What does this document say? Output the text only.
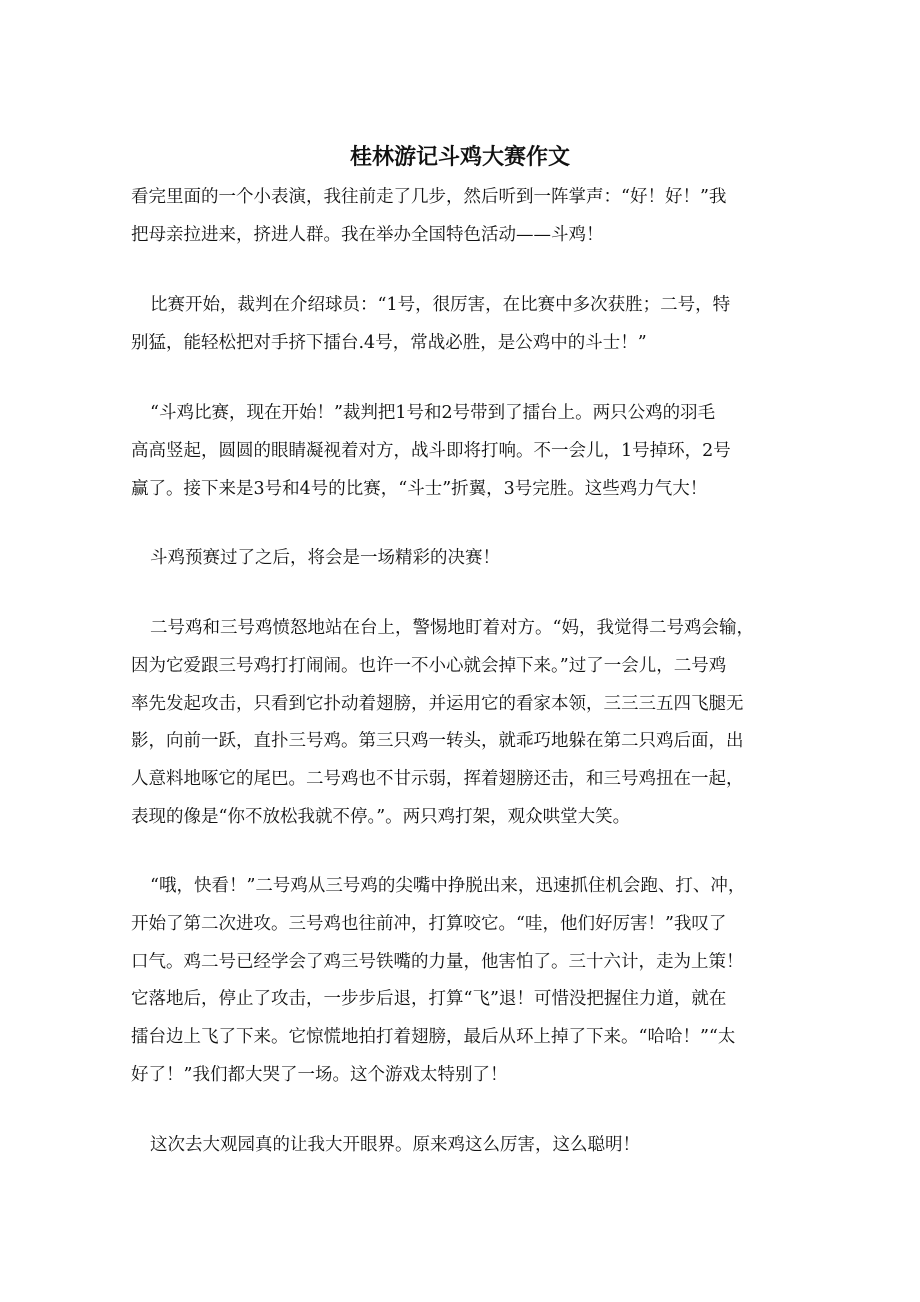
桂林游记斗鸡大赛作文
看完里面的一个小表演，我往前走了几步，然后听到一阵掌声：“好！好！”我
把母亲拉进来，挤进人群。我在举办全国特色活动——斗鸡！
比赛开始，裁判在介绍球员：“1号，很厉害，在比赛中多次获胜；二号，特
别猛，能轻松把对手挤下擂台.4号，常战必胜，是公鸡中的斗士！”
“斗鸡比赛，现在开始！”裁判把1号和2号带到了擂台上。两只公鸡的羽毛
高高竖起，圆圆的眼睛凝视着对方，战斗即将打响。不一会儿，1号掉环，2号
赢了。接下来是3号和4号的比赛，“斗士”折翼，3号完胜。这些鸡力气大！
斗鸡预赛过了之后，将会是一场精彩的决赛！
二号鸡和三号鸡愤怒地站在台上，警惕地盯着对方。“妈，我觉得二号鸡会输，
因为它爱跟三号鸡打打闹闹。也许一不小心就会掉下来。”过了一会儿，二号鸡
率先发起攻击，只看到它扑动着翅膀，并运用它的看家本领，三三三五四飞腿无
影，向前一跃，直扑三号鸡。第三只鸡一转头，就乖巧地躲在第二只鸡后面，出
人意料地啄它的尾巴。二号鸡也不甘示弱，挥着翅膀还击，和三号鸡扭在一起，
表现的像是“你不放松我就不停。”。两只鸡打架，观众哄堂大笑。
“哦，快看！”二号鸡从三号鸡的尖嘴中挣脱出来，迅速抓住机会跑、打、冲，
开始了第二次进攻。三号鸡也往前冲，打算咬它。“哇，他们好厉害！”我叹了
口气。鸡二号已经学会了鸡三号铁嘴的力量，他害怕了。三十六计，走为上策！
它落地后，停止了攻击，一步步后退，打算“飞”退！可惜没把握住力道，就在
擂台边上飞了下来。它惊慌地拍打着翅膀，最后从环上掉了下来。“哈哈！”“太
好了！”我们都大哭了一场。这个游戏太特别了！
这次去大观园真的让我大开眼界。原来鸡这么厉害，这么聪明！
